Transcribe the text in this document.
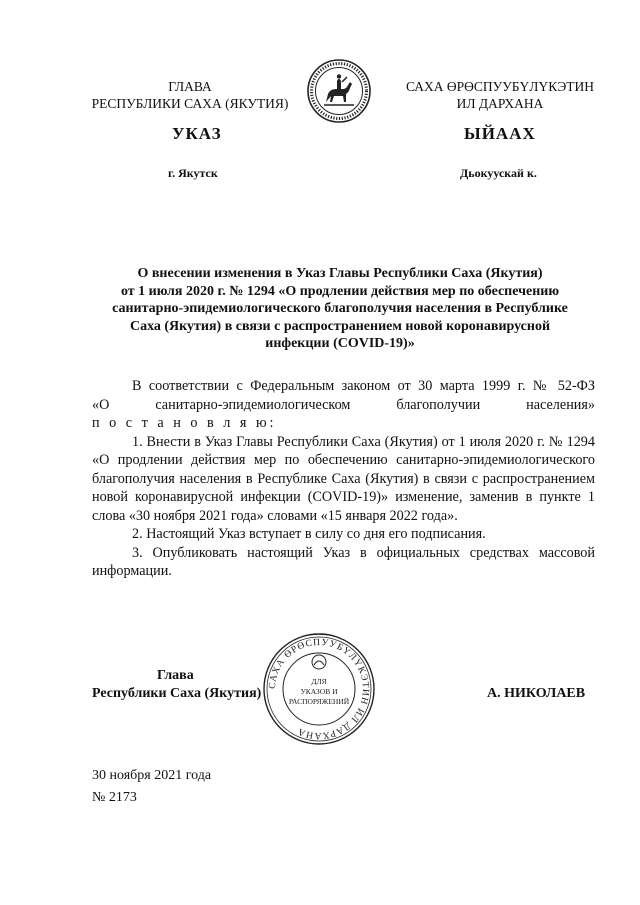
ГЛАВА
РЕСПУБЛИКИ САХА (ЯКУТИЯ)
САХА ӨРӨСПУУБҮЛҮКЭТИН
ИЛ ДАРХАНА
УКАЗ	ЫЙААХ
г. Якутск	Дьокуускай к.
О внесении изменения в Указ Главы Республики Саха (Якутия)
от 1 июля 2020 г. № 1294 «О продлении действия мер по обеспечению
санитарно-эпидемиологического благополучия населения в Республике
Саха (Якутия) в связи с распространением новой коронавирусной
инфекции (COVID-19)»

В соответствии с Федеральным законом от 30 марта 1999 г. № 52-ФЗ

«О санитарно-эпидемиологическом благополучии населения»

п о с т а н о в л я ю:

1. Внести в Указ Главы Республики Саха (Якутия) от 1 июля 2020 г. № 1294 «О продлении действия мер по обеспечению санитарно-эпидемиологического благополучия населения в Республике Саха (Якутия) в связи с распространением новой коронавирусной инфекции (COVID-19)» изменение, заменив в пункте 1 слова «30 ноября 2021 года» словами «15 января 2022 года».

2. Настоящий Указ вступает в силу со дня его подписания.

3. Опубликовать настоящий Указ в официальных средствах массовой информации.

Глава
Республики Саха (Якутия)	А. НИКОЛАЕВ
САХА ӨРӨСПУУБҮЛҮКЭТИН ИЛ ДАРХАНА
ДЛЯ
УКАЗОВ И
РАСПОРЯЖЕНИЙ
30 ноября 2021 года
№ 2173
